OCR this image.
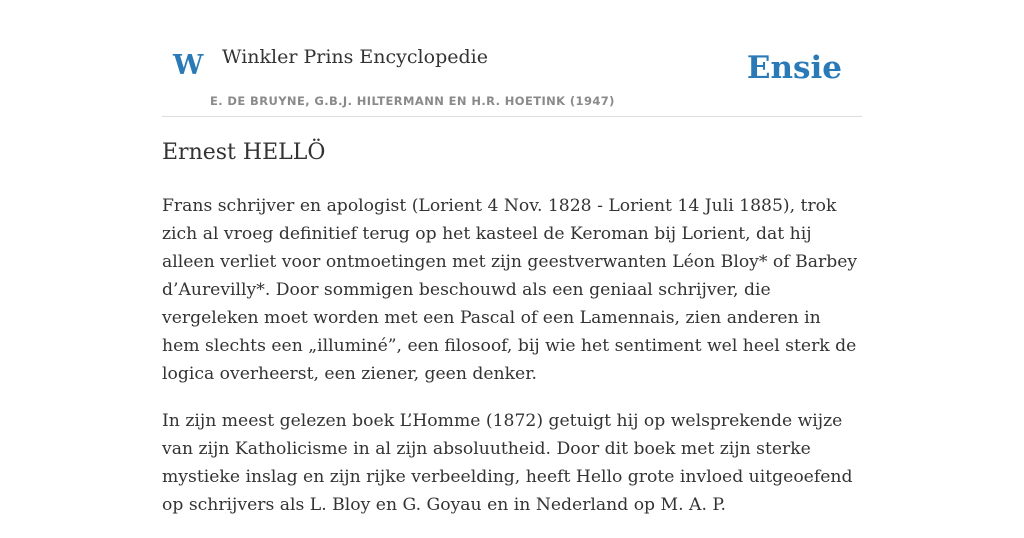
W Winkler Prins Encyclopedie
E. DE BRUYNE, G.B.J. HILTERMANN EN H.R. HOETINK (1947)
Ensie
Ernest HELLÖ

Frans schrijver en apologist (Lorient 4 Nov. 1828 - Lorient 14 Juli 1885), trok zich al vroeg definitief terug op het kasteel de Keroman bij Lorient, dat hij alleen verliet voor ontmoetingen met zijn geestverwanten Léon Bloy* of Barbey d’Aurevilly*. Door sommigen beschouwd als een geniaal schrijver, die vergeleken moet worden met een Pascal of een Lamennais, zien anderen in hem slechts een „illuminé”, een filosoof, bij wie het sentiment wel heel sterk de logica overheerst, een ziener, geen denker.

In zijn meest gelezen boek L’Homme (1872) getuigt hij op welsprekende wijze van zijn Katholicisme in al zijn absoluutheid. Door dit boek met zijn sterke mystieke inslag en zijn rijke verbeelding, heeft Hello grote invloed uitgeoefend op schrijvers als L. Bloy en G. Goyau en in Nederland op M. A. P.
